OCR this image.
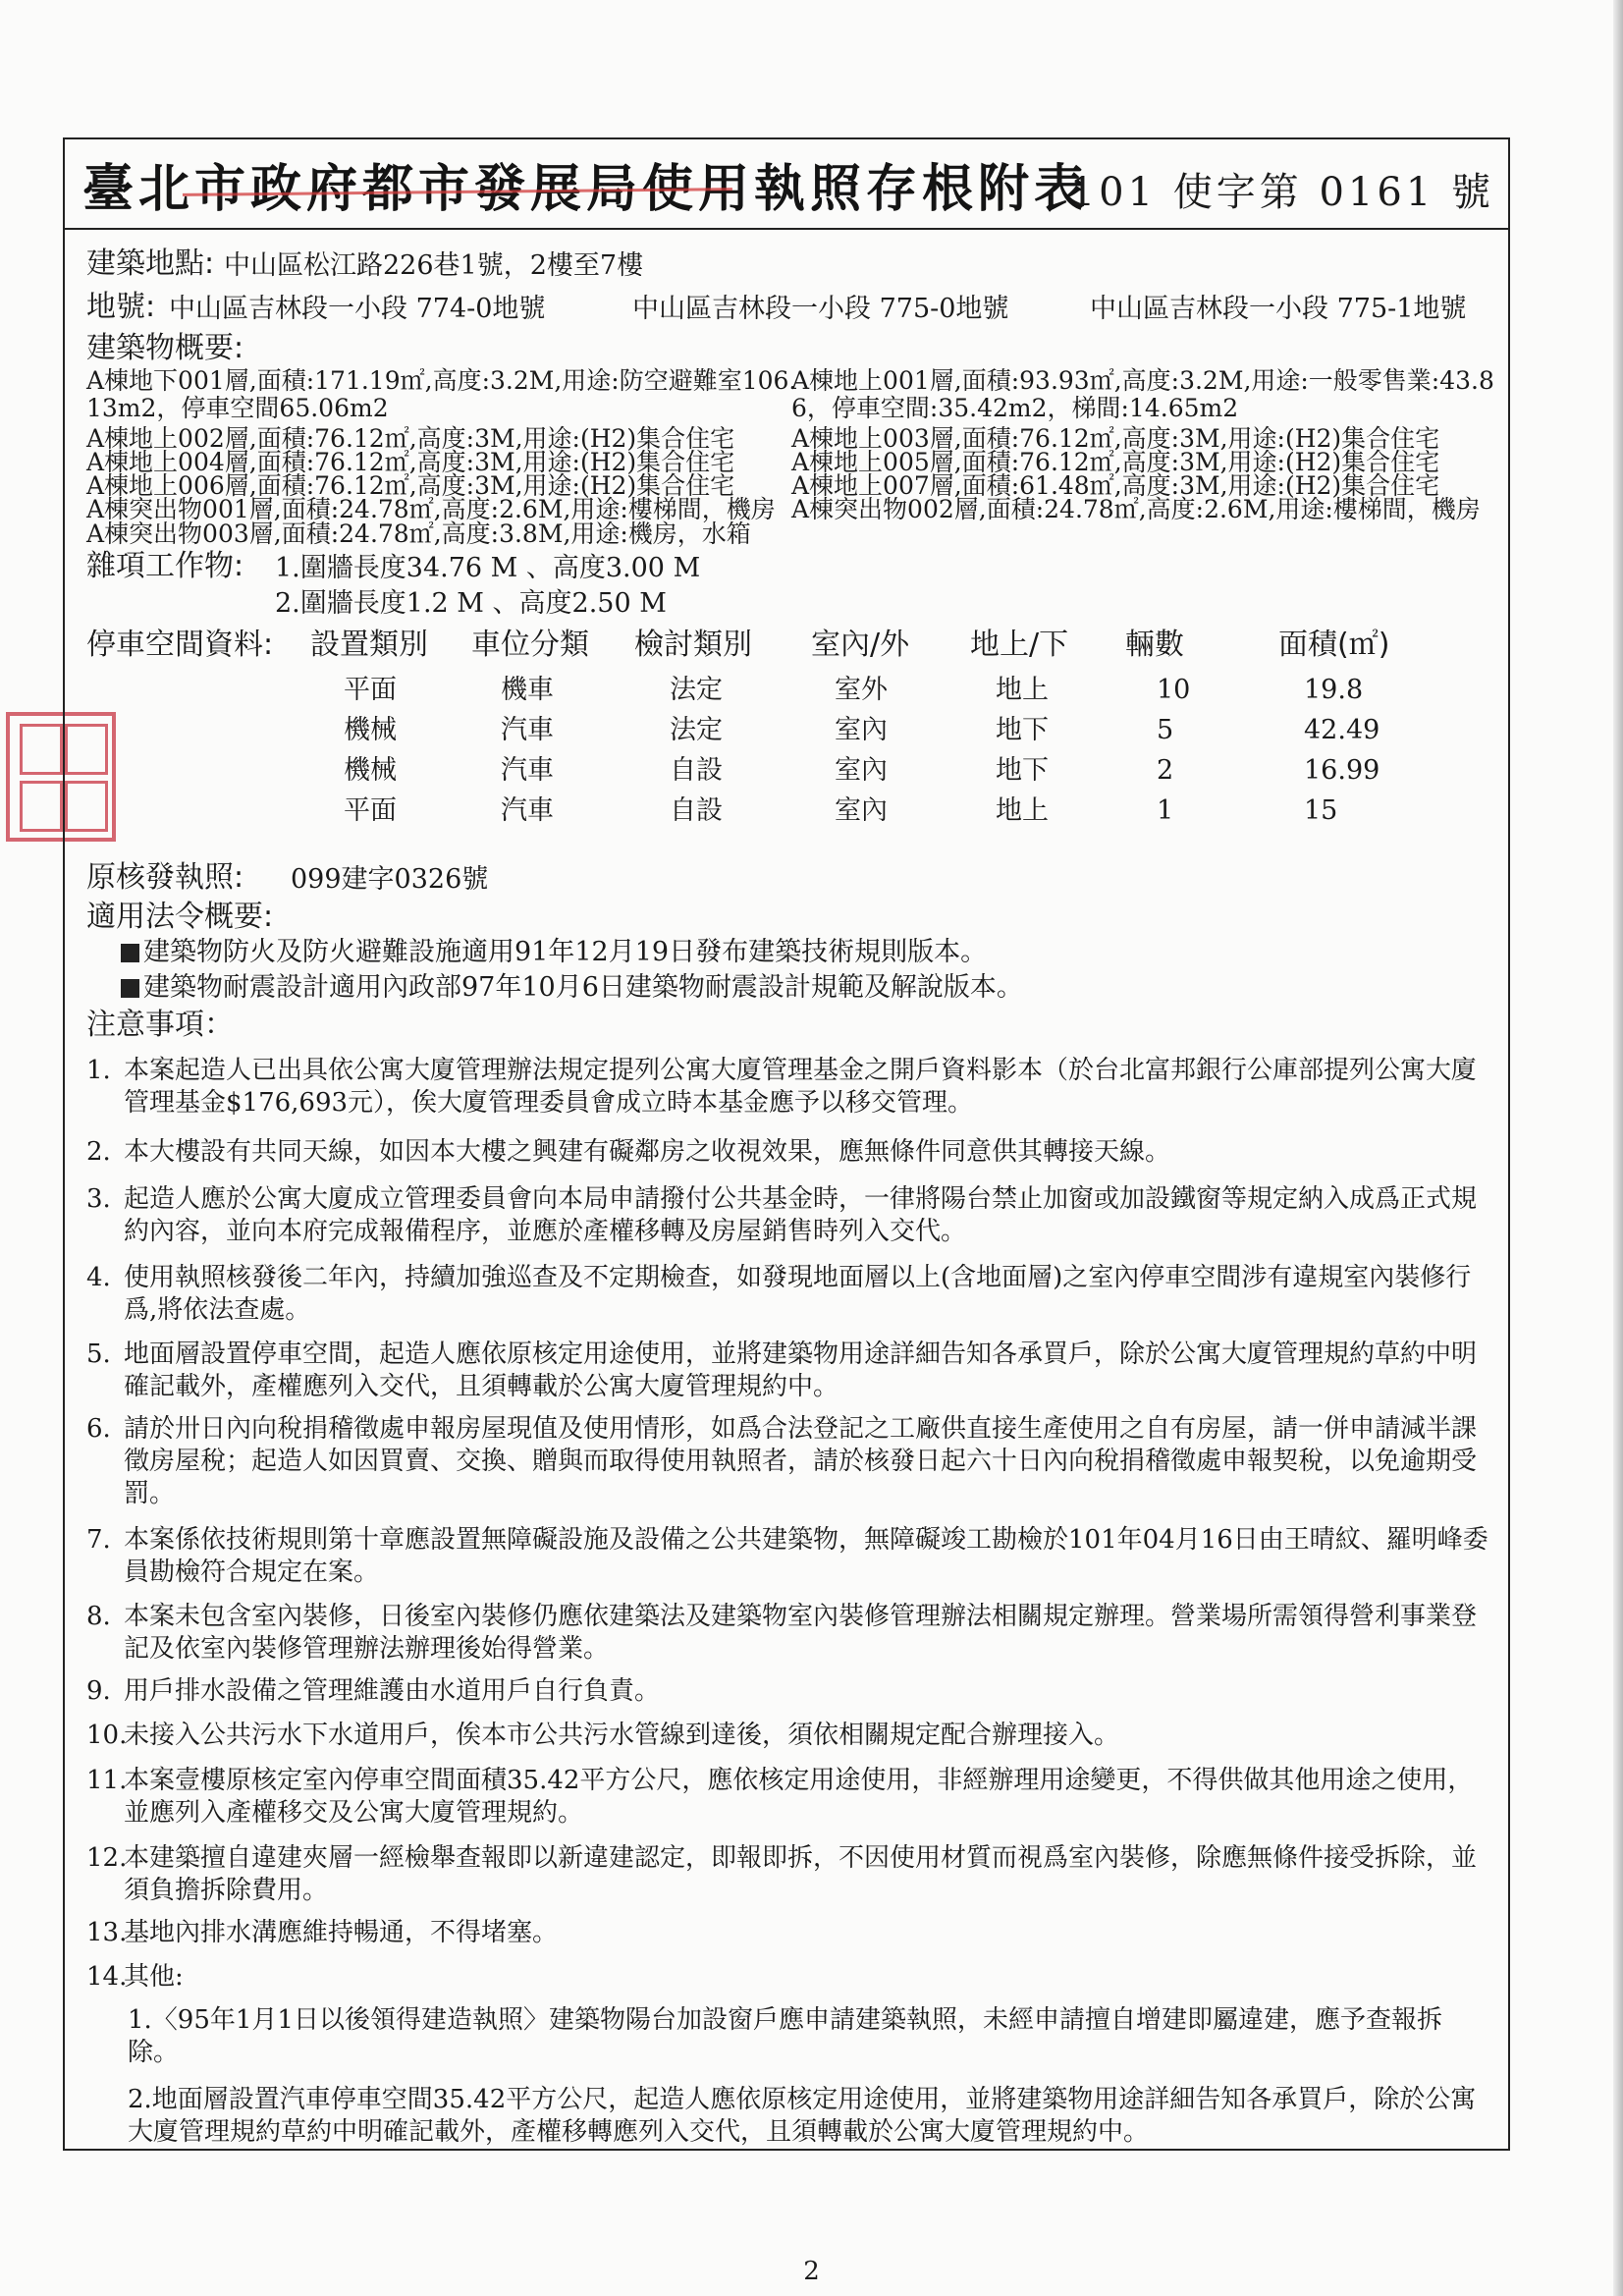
臺北市政府都市發展局使用執照存根附表
101 使字第 0161 號
建築地點: 中山區松江路226巷1號，2樓至7樓
地號: 中山區吉林段一小段 774-0地號	中山區吉林段一小段 775-0地號	中山區吉林段一小段 775-1地號
建築物概要:
A棟地下001層,面積:171.19㎡,高度:3.2M,用途:防空避難室106.
13m2，停車空間65.06m2
A棟地上001層,面積:93.93㎡,高度:3.2M,用途:一般零售業:43.8
6，停車空間:35.42m2，梯間:14.65m2
A棟地上002層,面積:76.12㎡,高度:3M,用途:(H2)集合住宅 A棟地上003層,面積:76.12㎡,高度:3M,用途:(H2)集合住宅
A棟地上004層,面積:76.12㎡,高度:3M,用途:(H2)集合住宅 A棟地上005層,面積:76.12㎡,高度:3M,用途:(H2)集合住宅
A棟地上006層,面積:76.12㎡,高度:3M,用途:(H2)集合住宅 A棟地上007層,面積:61.48㎡,高度:3M,用途:(H2)集合住宅
A棟突出物001層,面積:24.78㎡,高度:2.6M,用途:樓梯間，機房 A棟突出物002層,面積:24.78㎡,高度:2.6M,用途:樓梯間，機房
A棟突出物003層,面積:24.78㎡,高度:3.8M,用途:機房，水箱
雜項工作物: 1.圍牆長度34.76 M 、高度3.00 M
2.圍牆長度1.2 M 、高度2.50 M
停車空間資料: 設置類別 車位分類 檢討類別 室內/外 地上/下 輛數	面積(㎡)
平面	機車	法定	室外	地上	10	19.8
機械	汽車	法定	室內	地下	5	42.49
機械	汽車	自設	室內	地下	2	16.99
平面	汽車	自設	室內	地上	1	15
原核發執照: 099建字0326號
適用法令概要:
建築物防火及防火避難設施適用91年12月19日發布建築技術規則版本。
建築物耐震設計適用內政部97年10月6日建築物耐震設計規範及解說版本。
注意事項：
1. 本案起造人已出具依公寓大廈管理辦法規定提列公寓大廈管理基金之開戶資料影本（於台北富邦銀行公庫部提列公寓大廈管理基金$176,693元），俟大廈管理委員會成立時本基金應予以移交管理。
2. 本大樓設有共同天線，如因本大樓之興建有礙鄰房之收視效果，應無條件同意供其轉接天線。
3. 起造人應於公寓大廈成立管理委員會向本局申請撥付公共基金時，一律將陽台禁止加窗或加設鐵窗等規定納入成爲正式規約內容，並向本府完成報備程序，並應於產權移轉及房屋銷售時列入交代。
4. 使用執照核發後二年內，持續加強巡查及不定期檢查，如發現地面層以上(含地面層)之室內停車空間涉有違規室內裝修行爲,將依法查處。
5. 地面層設置停車空間，起造人應依原核定用途使用，並將建築物用途詳細告知各承買戶，除於公寓大廈管理規約草約中明確記載外，產權應列入交代，且須轉載於公寓大廈管理規約中。
6. 請於卅日內向稅捐稽徵處申報房屋現值及使用情形，如爲合法登記之工廠供直接生產使用之自有房屋，請一併申請減半課徵房屋稅；起造人如因買賣、交換、贈與而取得使用執照者，請於核發日起六十日內向稅捐稽徵處申報契稅，以免逾期受罰。
7. 本案係依技術規則第十章應設置無障礙設施及設備之公共建築物，無障礙竣工勘檢於101年04月16日由王晴紋、羅明峰委員勘檢符合規定在案。
8. 本案未包含室內裝修，日後室內裝修仍應依建築法及建築物室內裝修管理辦法相關規定辦理。營業場所需領得營利事業登記及依室內裝修管理辦法辦理後始得營業。
9. 用戶排水設備之管理維護由水道用戶自行負責。
10.
未接入公共污水下水道用戶，俟本市公共污水管線到達後，須依相關規定配合辦理接入。
11.
本案壹樓原核定室內停車空間面積35.42平方公尺，應依核定用途使用，非經辦理用途變更，不得供做其他用途之使用，並應列入產權移交及公寓大廈管理規約。
12.
本建築擅自違建夾層一經檢舉查報即以新違建認定，即報即拆，不因使用材質而視爲室內裝修，除應無條件接受拆除，並須負擔拆除費用。
13.
基地內排水溝應維持暢通，不得堵塞。
14.
其他:
1.〈95年1月1日以後領得建造執照〉建築物陽台加設窗戶應申請建築執照，未經申請擅自增建即屬違建，應予查報拆除。
2.地面層設置汽車停車空間35.42平方公尺，起造人應依原核定用途使用，並將建築物用途詳細告知各承買戶，除於公寓大廈管理規約草約中明確記載外，產權移轉應列入交代，且須轉載於公寓大廈管理規約中。
2
